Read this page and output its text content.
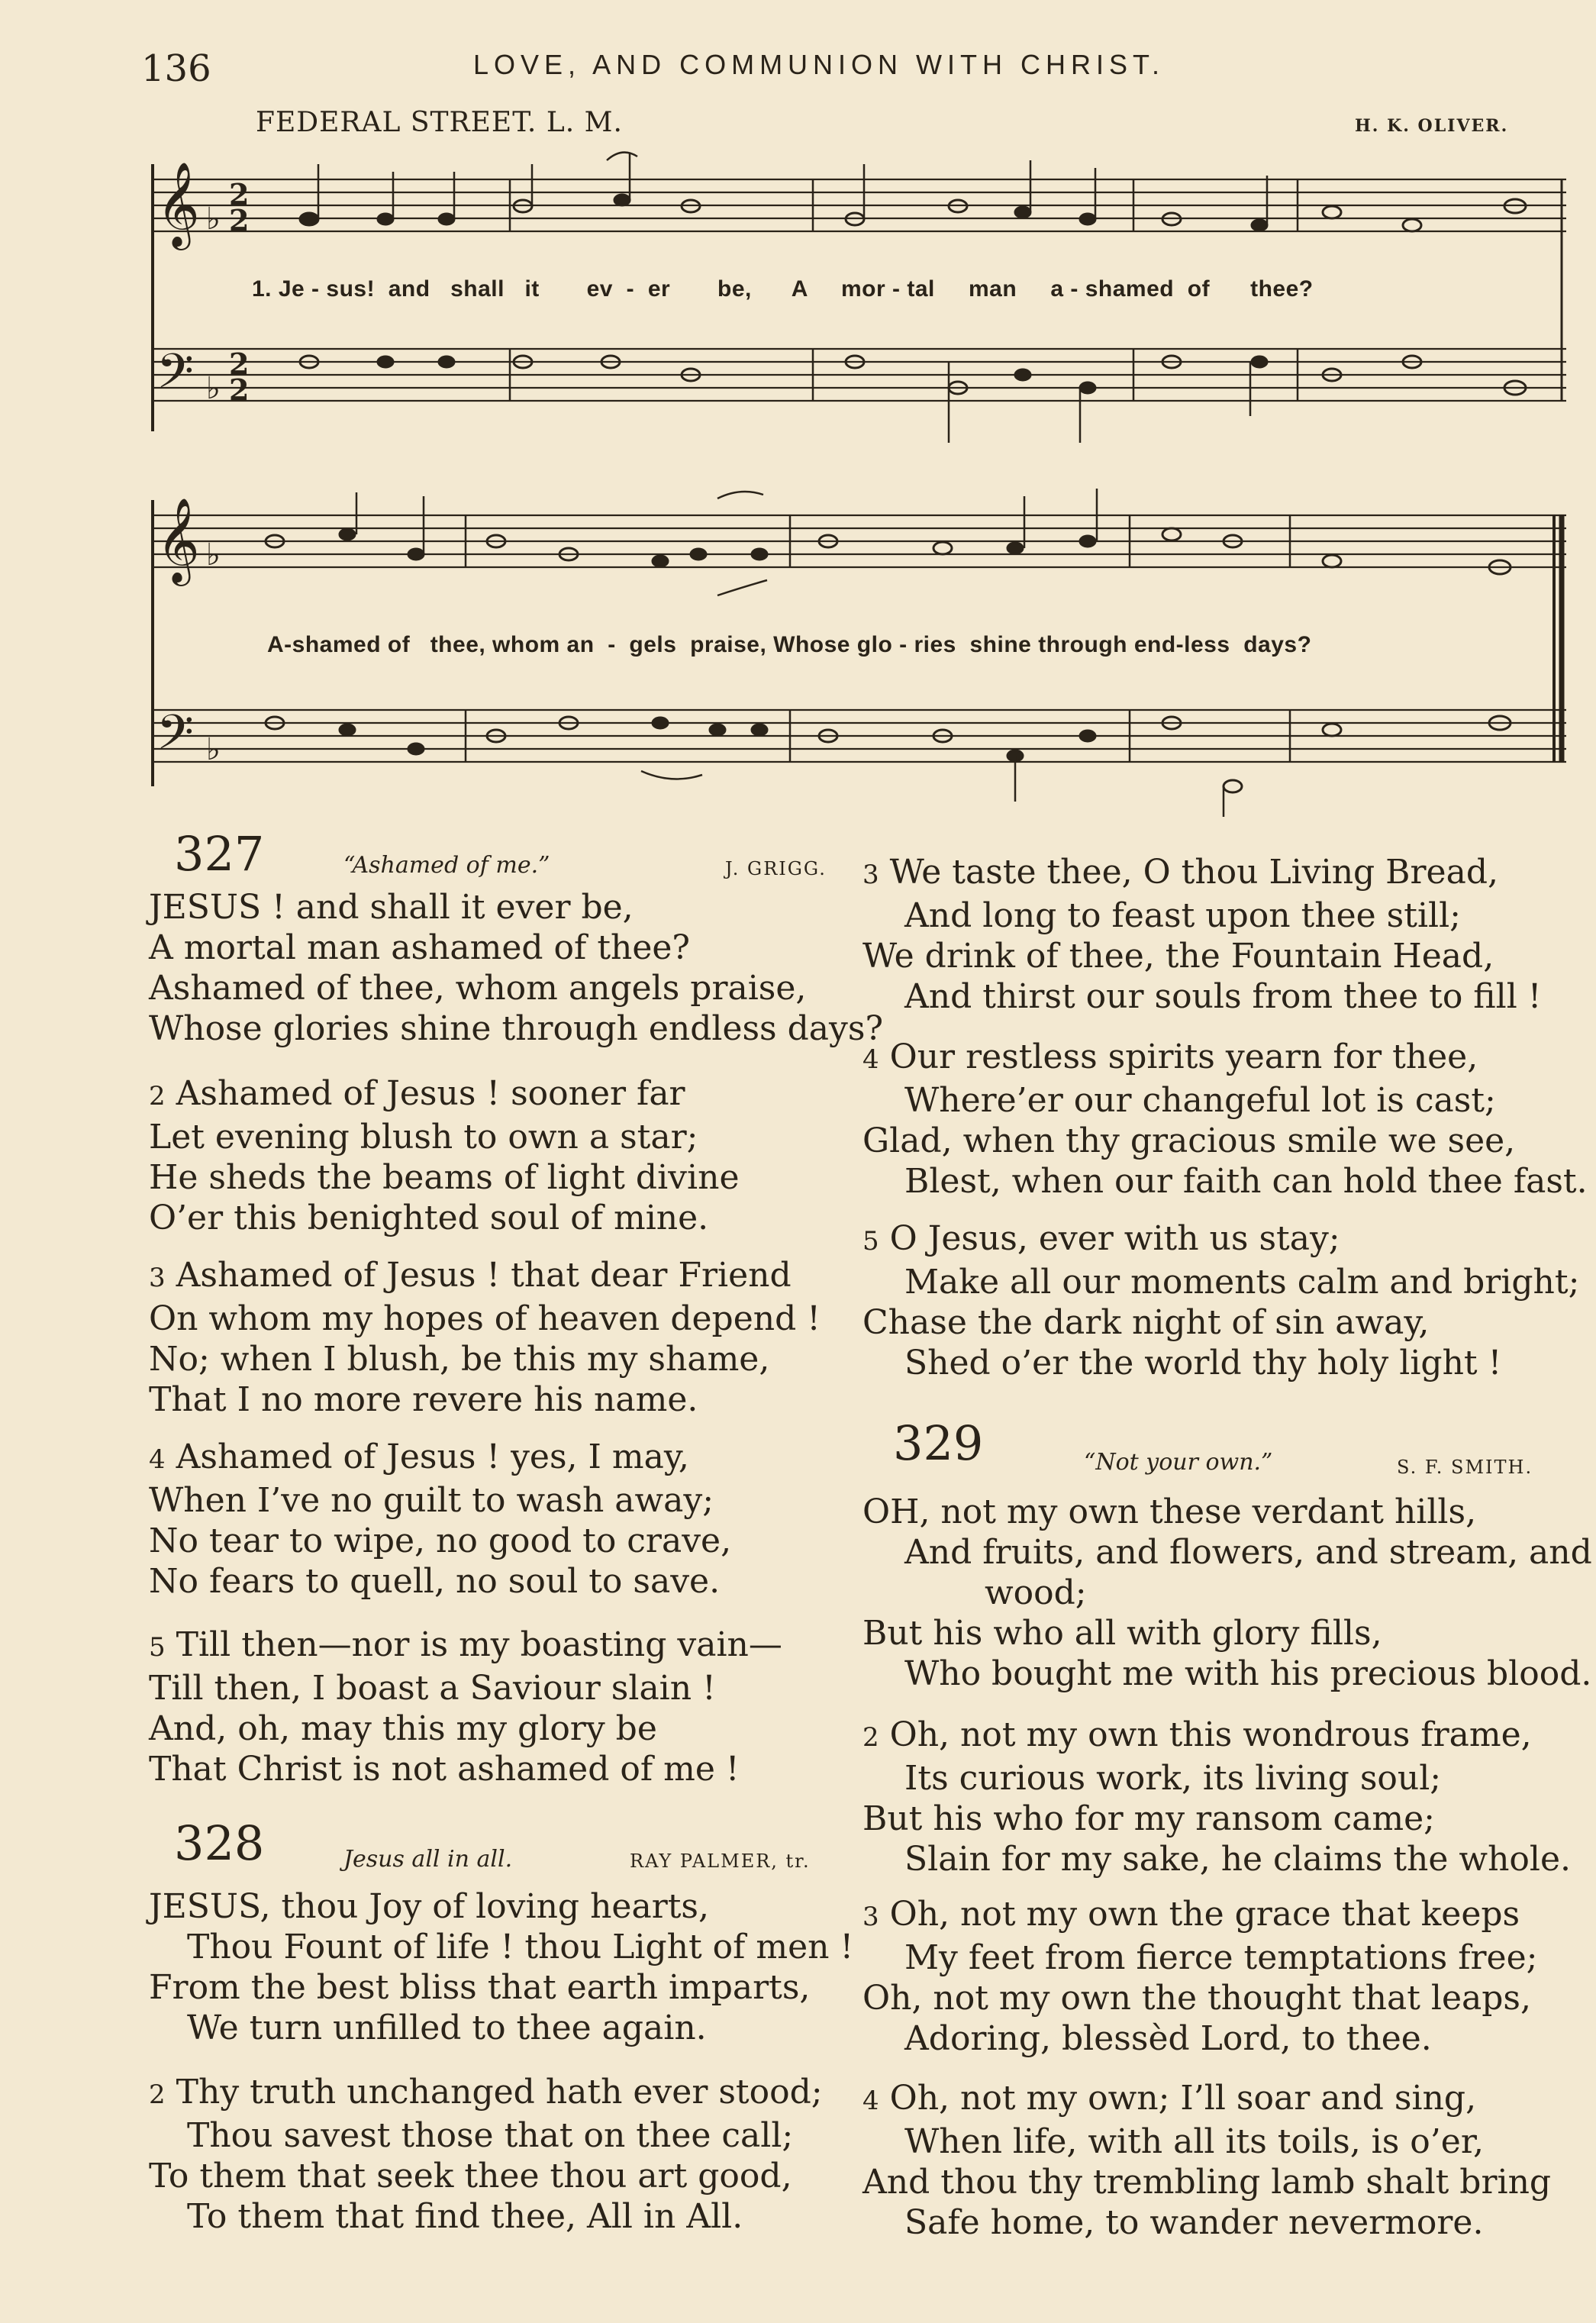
136	LOVE, AND COMMUNION WITH CHRIST.
FEDERAL STREET. L. M.	H. K. OLIVER.
𝄞
𝄢
𝄞
𝄢
♭
♭
♭
♭
2
2
2
2
1. Je - sus!  and   shall   it       ev  -  er       be,      A     mor - tal     man     a - shamed  of      thee?
A-shamed of   thee, whom an  -  gels  praise, Whose glo - ries  shine through end-less  days?
327	“Ashamed of me.”	J. GRIGG.
JESUS ! and shall it ever be,
A mortal man ashamed of thee?
Ashamed of thee, whom angels praise,
Whose glories shine through endless days?
2 Ashamed of Jesus ! sooner far
Let evening blush to own a star;
He sheds the beams of light divine
O’er this benighted soul of mine.
3 Ashamed of Jesus ! that dear Friend
On whom my hopes of heaven depend !
No; when I blush, be this my shame,
That I no more revere his name.
4 Ashamed of Jesus ! yes, I may,
When I’ve no guilt to wash away;
No tear to wipe, no good to crave,
No fears to quell, no soul to save.
5 Till then—nor is my boasting vain—
Till then, I boast a Saviour slain !
And, oh, may this my glory be
That Christ is not ashamed of me !
328	Jesus all in all.	RAY PALMER, tr.
JESUS, thou Joy of loving hearts,
Thou Fount of life ! thou Light of men !
From the best bliss that earth imparts,
We turn unfilled to thee again.
2 Thy truth unchanged hath ever stood;
Thou savest those that on thee call;
To them that seek thee thou art good,
To them that find thee, All in All.
3 We taste thee, O thou Living Bread,
And long to feast upon thee still;
We drink of thee, the Fountain Head,
And thirst our souls from thee to fill !
4 Our restless spirits yearn for thee,
Where’er our changeful lot is cast;
Glad, when thy gracious smile we see,
Blest, when our faith can hold thee fast.
5 O Jesus, ever with us stay;
Make all our moments calm and bright;
Chase the dark night of sin away,
Shed o’er the world thy holy light !
329	“Not your own.”	S. F. SMITH.
OH, not my own these verdant hills,
And fruits, and flowers, and stream, and
wood;
But his who all with glory fills,
Who bought me with his precious blood.
2 Oh, not my own this wondrous frame,
Its curious work, its living soul;
But his who for my ransom came;
Slain for my sake, he claims the whole.
3 Oh, not my own the grace that keeps
My feet from fierce temptations free;
Oh, not my own the thought that leaps,
Adoring, blessèd Lord, to thee.
4 Oh, not my own; I’ll soar and sing,
When life, with all its toils, is o’er,
And thou thy trembling lamb shalt bring
Safe home, to wander nevermore.
